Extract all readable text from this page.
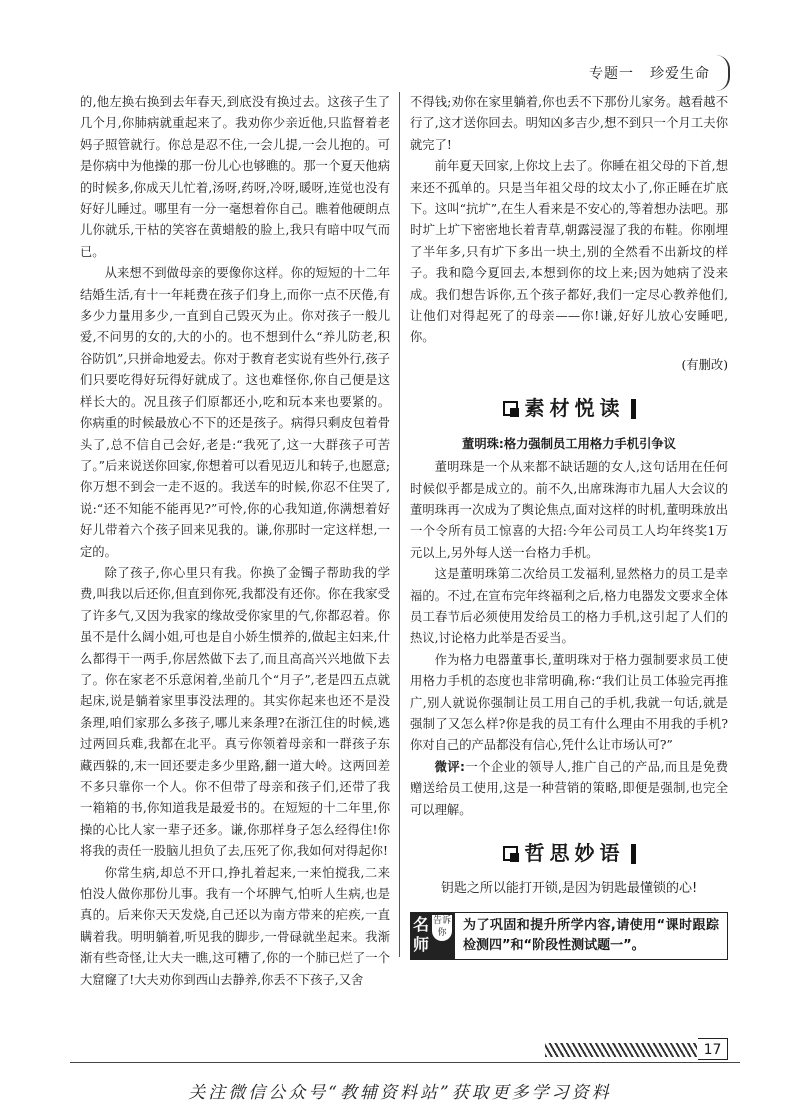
专题一 珍爱生命

的,他左换右换到去年春天,到底没有换过去。这孩子生了几个月,你肺病就重起来了。我劝你少亲近他,只监督着老妈子照管就行。你总是忍不住,一会儿提,一会儿抱的。可是你病中为他操的那一份儿心也够瞧的。那一个夏天他病的时候多,你成天儿忙着,汤呀,药呀,冷呀,暖呀,连觉也没有好好儿睡过。哪里有一分一毫想着你自己。瞧着他硬朗点儿你就乐,干枯的笑容在黄蜡般的脸上,我只有暗中叹气而已。

从来想不到做母亲的要像你这样。你的短短的十二年结婚生活,有十一年耗费在孩子们身上,而你一点不厌倦,有多少力量用多少,一直到自己毁灭为止。你对孩子一般儿爱,不问男的女的,大的小的。也不想到什么“养儿防老,积谷防饥”,只拼命地爱去。你对于教育老实说有些外行,孩子们只要吃得好玩得好就成了。这也难怪你,你自己便是这样长大的。况且孩子们原都还小,吃和玩本来也要紧的。你病重的时候最放心不下的还是孩子。病得只剩皮包着骨头了,总不信自己会好,老是:“我死了,这一大群孩子可苦了。”后来说送你回家,你想着可以看见迈儿和转子,也愿意;你万想不到会一走不返的。我送车的时候,你忍不住哭了,说:“还不知能不能再见?”可怜,你的心我知道,你满想着好好儿带着六个孩子回来见我的。谦,你那时一定这样想,一定的。

除了孩子,你心里只有我。你换了金镯子帮助我的学费,叫我以后还你,但直到你死,我都没有还你。你在我家受了许多气,又因为我家的缘故受你家里的气,你都忍着。你虽不是什么阔小姐,可也是自小娇生惯养的,做起主妇来,什么都得干一两手,你居然做下去了,而且高高兴兴地做下去了。你在家老不乐意闲着,坐前几个“月子”,老是四五点就起床,说是躺着家里事没法理的。其实你起来也还不是没条理,咱们家那么多孩子,哪儿来条理?在浙江住的时候,逃过两回兵难,我都在北平。真亏你领着母亲和一群孩子东藏西躲的,末一回还要走多少里路,翻一道大岭。这两回差不多只靠你一个人。你不但带了母亲和孩子们,还带了我一箱箱的书,你知道我是最爱书的。在短短的十二年里,你操的心比人家一辈子还多。谦,你那样身子怎么经得住!你将我的责任一股脑儿担负了去,压死了你,我如何对得起你!

你常生病,却总不开口,挣扎着起来,一来怕搅我,二来怕没人做你那份儿事。我有一个坏脾气,怕听人生病,也是真的。后来你天天发烧,自己还以为南方带来的疟疾,一直瞒着我。明明躺着,听见我的脚步,一骨碌就坐起来。我渐渐有些奇怪,让大夫一瞧,这可糟了,你的一个肺已烂了一个大窟窿了!大夫劝你到西山去静养,你丢不下孩子,又舍

不得钱;劝你在家里躺着,你也丢不下那份儿家务。越看越不行了,这才送你回去。明知凶多吉少,想不到只一个月工夫你就完了!

前年夏天回家,上你坟上去了。你睡在祖父母的下首,想来还不孤单的。只是当年祖父母的坟太小了,你正睡在圹底下。这叫“抗圹”,在生人看来是不安心的,等着想办法吧。那时圹上圹下密密地长着青草,朝露浸湿了我的布鞋。你刚埋了半年多,只有圹下多出一块土,别的全然看不出新坟的样子。我和隐今夏回去,本想到你的坟上来;因为她病了没来成。我们想告诉你,五个孩子都好,我们一定尽心教养他们,让他们对得起死了的母亲——你!谦,好好儿放心安睡吧,你。

(有删改)

素材悦读

董明珠:格力强制员工用格力手机引争议

董明珠是一个从来都不缺话题的女人,这句话用在任何时候似乎都是成立的。前不久,出席珠海市九届人大会议的董明珠再一次成为了舆论焦点,面对这样的时机,董明珠放出一个令所有员工惊喜的大招:今年公司员工人均年终奖1万元以上,另外每人送一台格力手机。

这是董明珠第二次给员工发福利,显然格力的员工是幸福的。不过,在宣布完年终福利之后,格力电器发文要求全体员工春节后必须使用发给员工的格力手机,这引起了人们的热议,讨论格力此举是否妥当。

作为格力电器董事长,董明珠对于格力强制要求员工使用格力手机的态度也非常明确,称:“我们让员工体验完再推广,别人就说你强制让员工用自己的手机,我就一句话,就是强制了又怎么样?你是我的员工有什么理由不用我的手机?你对自己的产品都没有信心,凭什么让市场认可?”

微评:一个企业的领导人,推广自己的产品,而且是免费赠送给员工使用,这是一种营销的策略,即便是强制,也完全可以理解。

哲思妙语

钥匙之所以能打开锁,是因为钥匙最懂锁的心!

名师
告诉你	为了巩固和提升所学内容,请使用“课时跟踪检测四”和“阶段性测试题一”。
17
关注微信公众号“教辅资料站”获取更多学习资料
